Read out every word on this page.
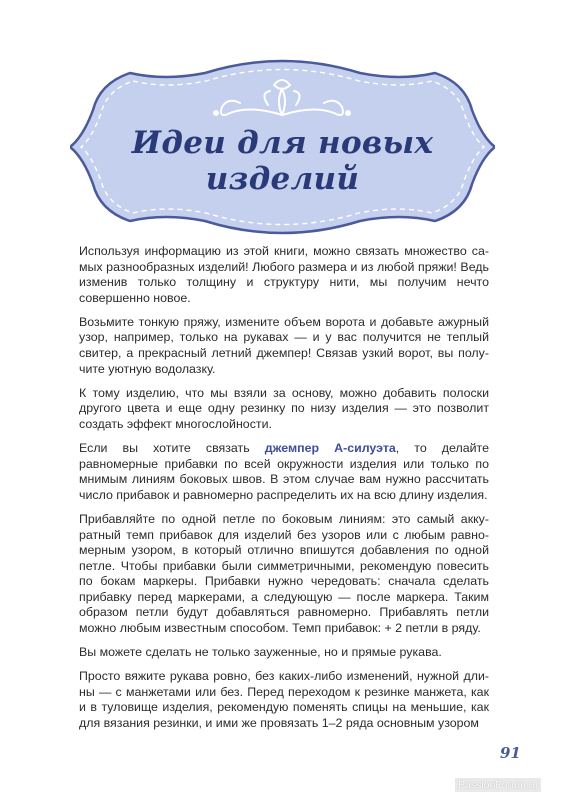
Идеи для новых изделий

Используя информацию из этой книги, можно связать множество са-мых разнообразных изделий! Любого размера и из любой пряжи! Ведь изменив только толщину и структуру нити, мы получим нечто совершенно новое.

Возьмите тонкую пряжу, измените объем ворота и добавьте ажурный узор, например, только на рукавах — и у вас получится не теплый свитер, а прекрасный летний джемпер! Связав узкий ворот, вы полу-чите уютную водолазку.

К тому изделию, что мы взяли за основу, можно добавить полоски другого цвета и еще одну резинку по низу изделия — это позволит создать эффект многослойности.

Если вы хотите связать джемпер А-силуэта, то делайте равномерные прибавки по всей окружности изделия или только по мнимым линиям боковых швов. В этом случае вам нужно рассчитать число прибавок и равномерно распределить их на всю длину изделия.

Прибавляйте по одной петле по боковым линиям: это самый акку-ратный темп прибавок для изделий без узоров или с любым равно-мерным узором, в который отлично впишутся добавления по одной петле. Чтобы прибавки были симметричными, рекомендую повесить по бокам маркеры. Прибавки нужно чередовать: сначала сделать прибавку перед маркерами, а следующую — после маркера. Таким образом петли будут добавляться равномерно. Прибавлять петли можно любым известным способом. Темп прибавок: + 2 петли в ряду.

Вы можете сделать не только зауженные, но и прямые рукава.

Просто вяжите рукава ровно, без каких-либо изменений, нужной дли-ны — с манжетами или без. Перед переходом к резинке манжета, как и в туловище изделия, рекомендую поменять спицы на меньшие, как для вязания резинки, и ими же провязать 1–2 ряда основным узором

91
PassionForum.ru
